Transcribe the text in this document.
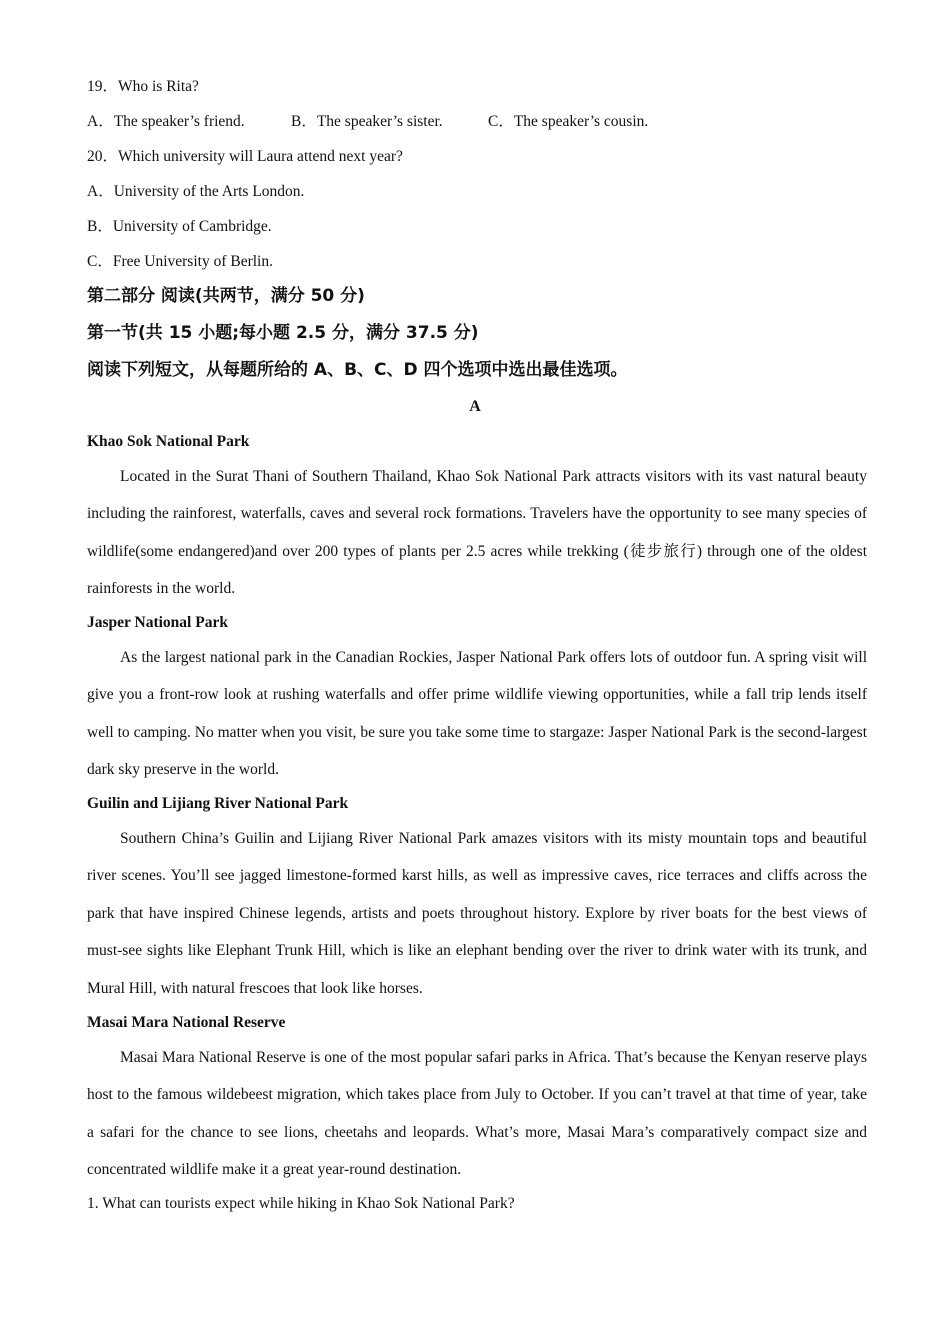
19．Who is Rita?
A．The speaker’s friend.	B．The speaker’s sister.	C．The speaker’s cousin.
20．Which university will Laura attend next year?
A．University of the Arts London.
B．University of Cambridge.
C．Free University of Berlin.
第二部分 阅读(共两节，满分 50 分)
第一节(共 15 小题;每小题 2.5 分，满分 37.5 分)
阅读下列短文，从每题所给的 A、B、C、D 四个选项中选出最佳选项。
A
Khao Sok National Park
Located in the Surat Thani of Southern Thailand, Khao Sok National Park attracts visitors with its vast natural beauty including the rainforest, waterfalls, caves and several rock formations. Travelers have the opportunity to see many species of wildlife(some endangered)and over 200 types of plants per 2.5 acres while trekking (徒步旅行) through one of the oldest rainforests in the world.
Jasper National Park
As the largest national park in the Canadian Rockies, Jasper National Park offers lots of outdoor fun. A spring visit will give you a front-row look at rushing waterfalls and offer prime wildlife viewing opportunities, while a fall trip lends itself well to camping. No matter when you visit, be sure you take some time to stargaze: Jasper National Park is the second-largest dark sky preserve in the world.
Guilin and Lijiang River National Park
Southern China’s Guilin and Lijiang River National Park amazes visitors with its misty mountain tops and beautiful river scenes. You’ll see jagged limestone-formed karst hills, as well as impressive caves, rice terraces and cliffs across the park that have inspired Chinese legends, artists and poets throughout history. Explore by river boats for the best views of must-see sights like Elephant Trunk Hill, which is like an elephant bending over the river to drink water with its trunk, and Mural Hill, with natural frescoes that look like horses.
Masai Mara National Reserve
Masai Mara National Reserve is one of the most popular safari parks in Africa. That’s because the Kenyan reserve plays host to the famous wildebeest migration, which takes place from July to October. If you can’t travel at that time of year, take a safari for the chance to see lions, cheetahs and leopards. What’s more, Masai Mara’s comparatively compact size and concentrated wildlife make it a great year-round destination.
1. What can tourists expect while hiking in Khao Sok National Park?
